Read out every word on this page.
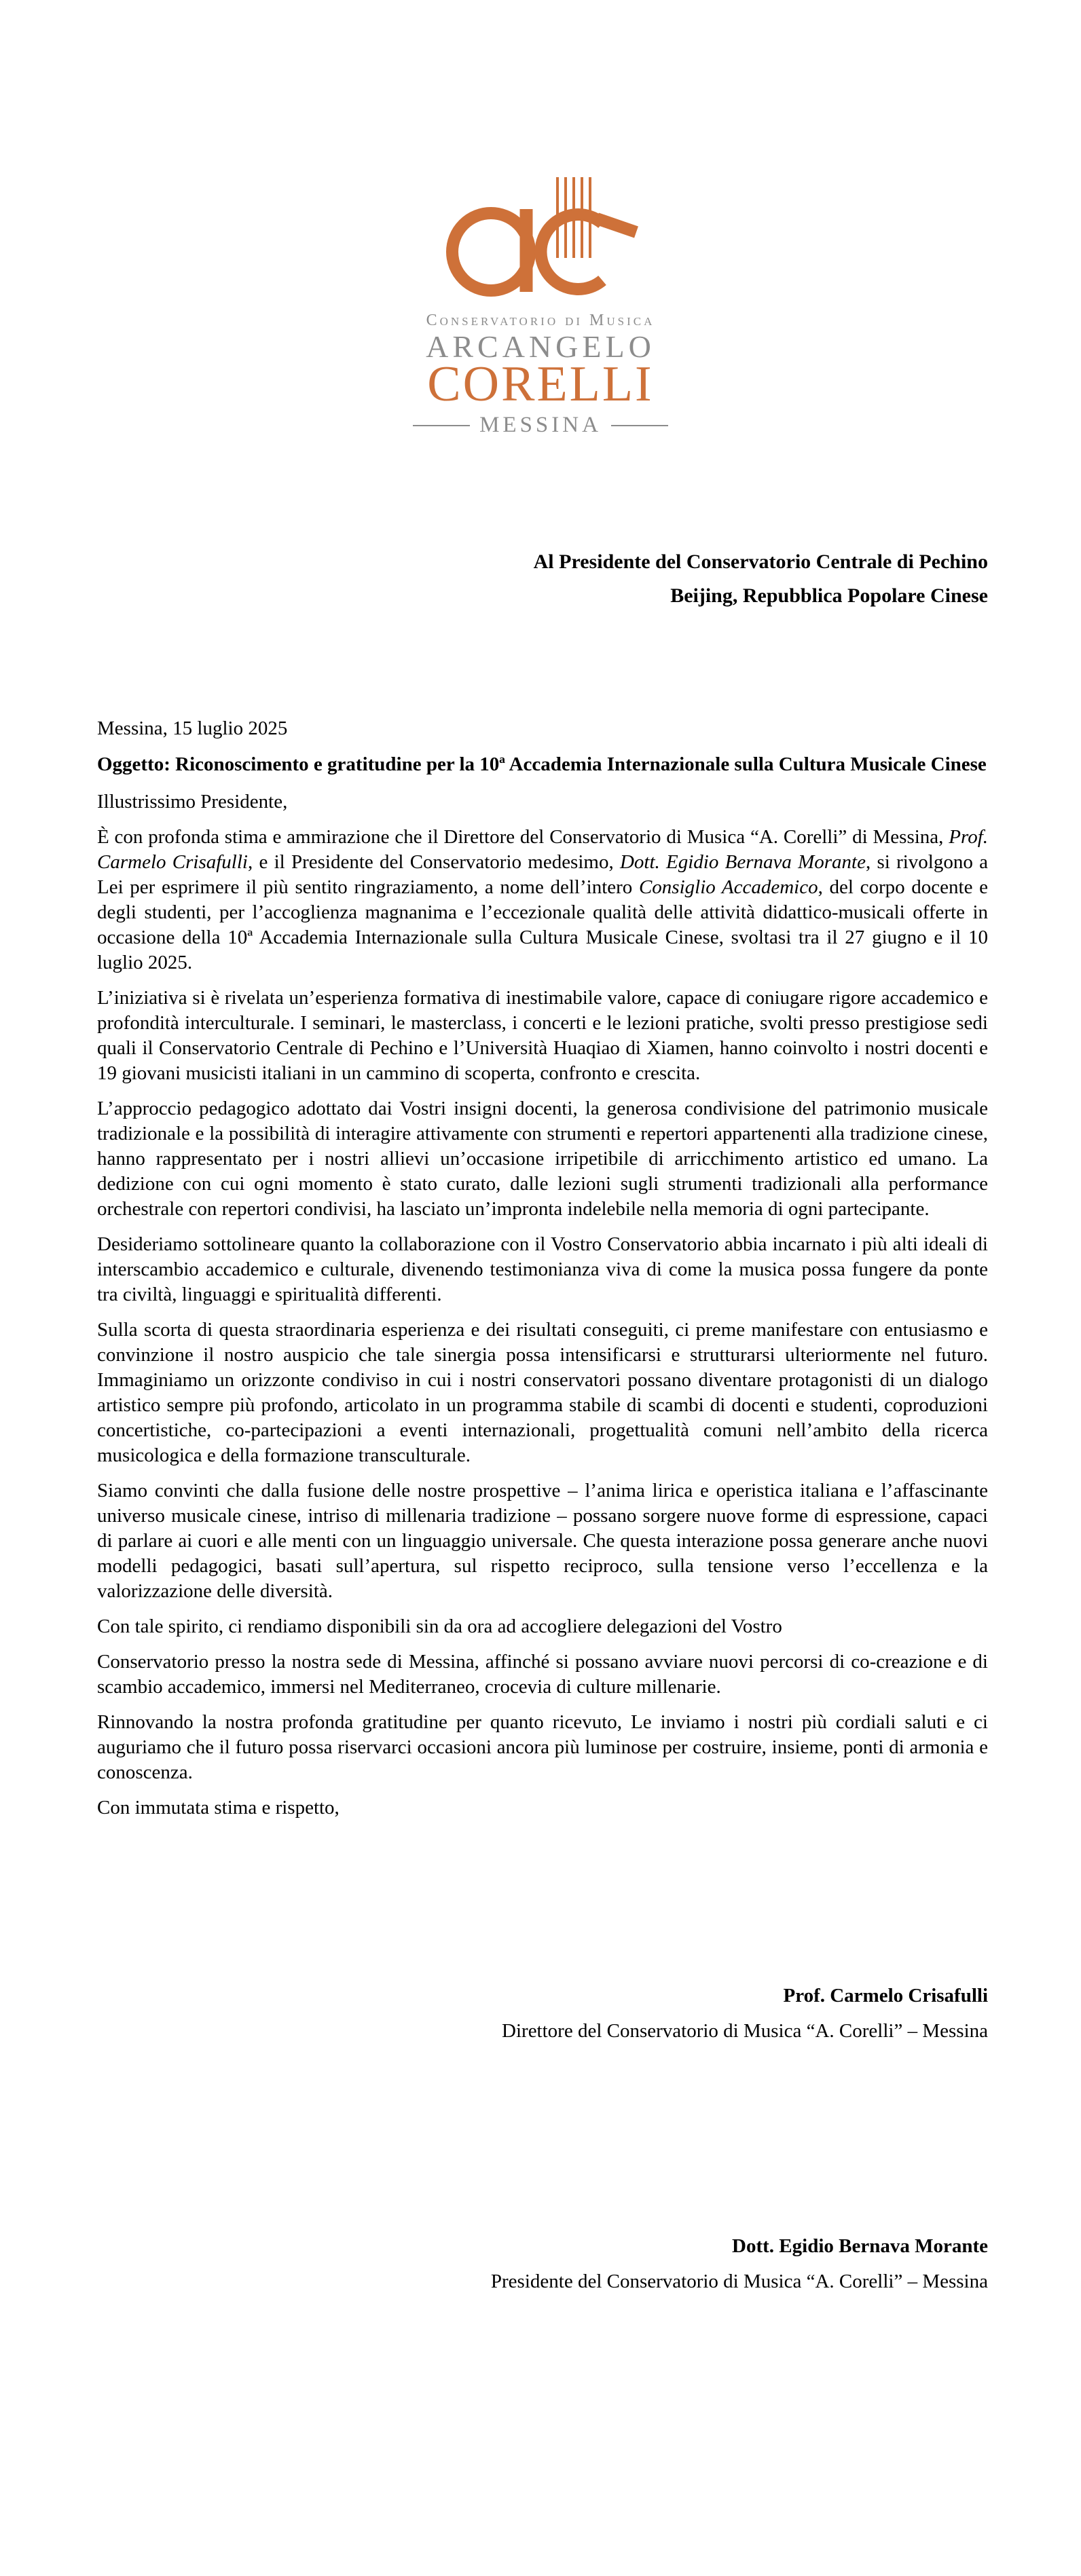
Conservatorio di Musica
ARCANGELO
CORELLI
MESSINA

Al Presidente del Conservatorio Centrale di Pechino

Beijing, Repubblica Popolare Cinese

Messina, 15 luglio 2025

Oggetto: Riconoscimento e gratitudine per la 10ª Accademia Internazionale sulla Cultura Musicale Cinese

Illustrissimo Presidente,

È con profonda stima e ammirazione che il Direttore del Conservatorio di Musica “A. Corelli” di Messina, Prof. Carmelo Crisafulli, e il Presidente del Conservatorio medesimo, Dott. Egidio Bernava Morante, si rivolgono a Lei per esprimere il più sentito ringraziamento, a nome dell’intero Consiglio Accademico, del corpo docente e degli studenti, per l’accoglienza magnanima e l’eccezionale qualità delle attività didattico-musicali offerte in occasione della 10ª Accademia Internazionale sulla Cultura Musicale Cinese, svoltasi tra il 27 giugno e il 10 luglio 2025.

L’iniziativa si è rivelata un’esperienza formativa di inestimabile valore, capace di coniugare rigore accademico e profondità interculturale. I seminari, le masterclass, i concerti e le lezioni pratiche, svolti presso prestigiose sedi quali il Conservatorio Centrale di Pechino e l’Università Huaqiao di Xiamen, hanno coinvolto i nostri docenti e 19 giovani musicisti italiani in un cammino di scoperta, confronto e crescita.

L’approccio pedagogico adottato dai Vostri insigni docenti, la generosa condivisione del patrimonio musicale tradizionale e la possibilità di interagire attivamente con strumenti e repertori appartenenti alla tradizione cinese, hanno rappresentato per i nostri allievi un’occasione irripetibile di arricchimento artistico ed umano. La dedizione con cui ogni momento è stato curato, dalle lezioni sugli strumenti tradizionali alla performance orchestrale con repertori condivisi, ha lasciato un’impronta indelebile nella memoria di ogni partecipante.

Desideriamo sottolineare quanto la collaborazione con il Vostro Conservatorio abbia incarnato i più alti ideali di interscambio accademico e culturale, divenendo testimonianza viva di come la musica possa fungere da ponte tra civiltà, linguaggi e spiritualità differenti.

Sulla scorta di questa straordinaria esperienza e dei risultati conseguiti, ci preme manifestare con entusiasmo e convinzione il nostro auspicio che tale sinergia possa intensificarsi e strutturarsi ulteriormente nel futuro. Immaginiamo un orizzonte condiviso in cui i nostri conservatori possano diventare protagonisti di un dialogo artistico sempre più profondo, articolato in un programma stabile di scambi di docenti e studenti, coproduzioni concertistiche, co-partecipazioni a eventi internazionali, progettualità comuni nell’ambito della ricerca musicologica e della formazione transculturale.

Siamo convinti che dalla fusione delle nostre prospettive – l’anima lirica e operistica italiana e l’affascinante universo musicale cinese, intriso di millenaria tradizione – possano sorgere nuove forme di espressione, capaci di parlare ai cuori e alle menti con un linguaggio universale. Che questa interazione possa generare anche nuovi modelli pedagogici, basati sull’apertura, sul rispetto reciproco, sulla tensione verso l’eccellenza e la valorizzazione delle diversità.

Con tale spirito, ci rendiamo disponibili sin da ora ad accogliere delegazioni del Vostro

Conservatorio presso la nostra sede di Messina, affinché si possano avviare nuovi percorsi di co-creazione e di scambio accademico, immersi nel Mediterraneo, crocevia di culture millenarie.

Rinnovando la nostra profonda gratitudine per quanto ricevuto, Le inviamo i nostri più cordiali saluti e ci auguriamo che il futuro possa riservarci occasioni ancora più luminose per costruire, insieme, ponti di armonia e conoscenza.

Con immutata stima e rispetto,

Prof. Carmelo Crisafulli

Direttore del Conservatorio di Musica “A. Corelli” – Messina

Dott. Egidio Bernava Morante

Presidente del Conservatorio di Musica “A. Corelli” – Messina
